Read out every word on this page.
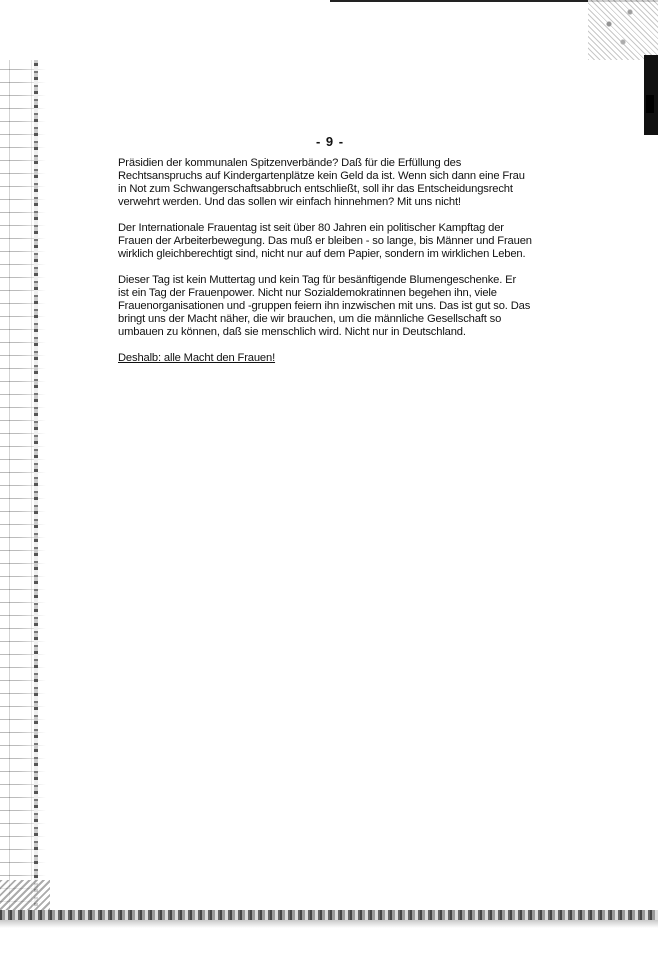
- 9 -

Präsidien der kommunalen Spitzenverbände? Daß für die Erfüllung des
Rechtsanspruchs auf Kindergartenplätze kein Geld da ist. Wenn sich dann eine Frau
in Not zum Schwangerschaftsabbruch entschließt, soll ihr das Entscheidungsrecht
verwehrt werden. Und das sollen wir einfach hinnehmen? Mit uns nicht!

Der Internationale Frauentag ist seit über 80 Jahren ein politischer Kampftag der
Frauen der Arbeiterbewegung. Das muß er bleiben - so lange, bis Männer und Frauen
wirklich gleichberechtigt sind, nicht nur auf dem Papier, sondern im wirklichen Leben.

Dieser Tag ist kein Muttertag und kein Tag für besänftigende Blumengeschenke. Er
ist ein Tag der Frauenpower. Nicht nur Sozialdemokratinnen begehen ihn, viele
Frauenorganisationen und -gruppen feiern ihn inzwischen mit uns. Das ist gut so. Das
bringt uns der Macht näher, die wir brauchen, um die männliche Gesellschaft so
umbauen zu können, daß sie menschlich wird. Nicht nur in Deutschland.

Deshalb: alle Macht den Frauen!
